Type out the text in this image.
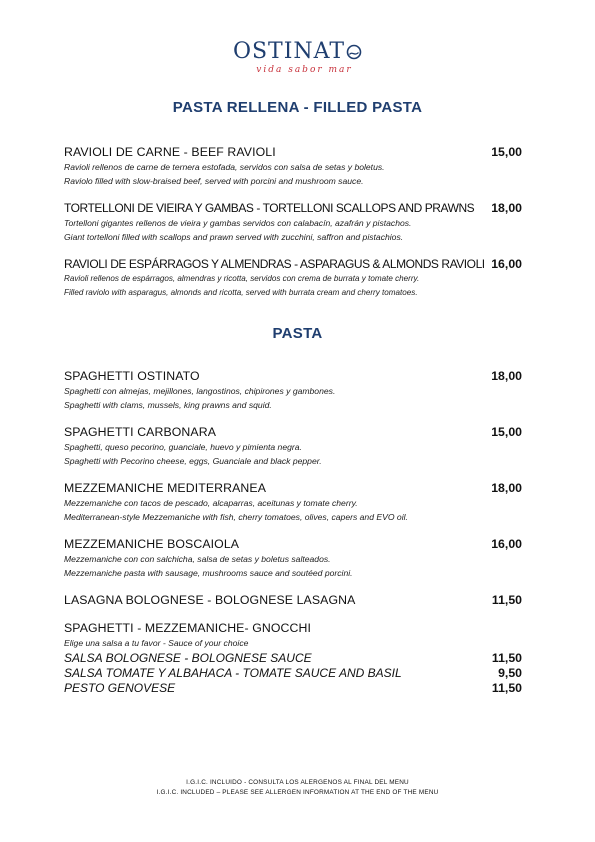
OSTINAT
vida sabor mar
PASTA RELLENA - FILLED PASTA
RAVIOLI DE CARNE - BEEF RAVIOLI	15,00
Ravioli rellenos de carne de ternera estofada, servidos con salsa de setas y boletus.
Raviolo filled with slow-braised beef, served with porcini and mushroom sauce.
TORTELLONI DE VIEIRA Y GAMBAS - TORTELLONI SCALLOPS AND PRAWNS 18,00
Tortelloni gigantes rellenos de vieira y gambas servidos con calabacín, azafrán y pistachos.
Giant tortelloni filled with scallops and prawn served with zucchini, saffron and pistachios.
RAVIOLI DE ESPÁRRAGOS Y ALMENDRAS - ASPARAGUS & ALMONDS RAVIOLI 16,00
Ravioli rellenos de espárragos, almendras y ricotta, servidos con crema de burrata y tomate cherry.
Filled raviolo with asparagus, almonds and ricotta, served with burrata cream and cherry tomatoes.
PASTA
SPAGHETTI OSTINATO	18,00
Spaghetti con almejas, mejillones, langostinos, chipirones y gambones.
Spaghetti with clams, mussels, king prawns and squid.
SPAGHETTI CARBONARA	15,00
Spaghetti, queso pecorino, guanciale, huevo y pimienta negra.
Spaghetti with Pecorino cheese, eggs, Guanciale and black pepper.
MEZZEMANICHE MEDITERRANEA	18,00
Mezzemaniche con tacos de pescado, alcaparras, aceitunas y tomate cherry.
Mediterranean-style Mezzemaniche with fish, cherry tomatoes, olives, capers and EVO oil.
MEZZEMANICHE BOSCAIOLA	16,00
Mezzemaniche con con salchicha, salsa de setas y boletus salteados.
Mezzemaniche pasta with sausage, mushrooms sauce and soutéed porcini.
LASAGNA BOLOGNESE - BOLOGNESE LASAGNA	11,50
SPAGHETTI - MEZZEMANICHE- GNOCCHI
Elige una salsa a tu favor - Sauce of your choice
SALSA BOLOGNESE - BOLOGNESE SAUCE	11,50
SALSA TOMATE Y ALBAHACA - TOMATE SAUCE AND BASIL	9,50
PESTO GENOVESE	11,50
I.G.I.C. INCLUIDO - CONSULTA LOS ALERGENOS AL FINAL DEL MENU
I.G.I.C. INCLUDED – PLEASE SEE ALLERGEN INFORMATION AT THE END OF THE MENU
